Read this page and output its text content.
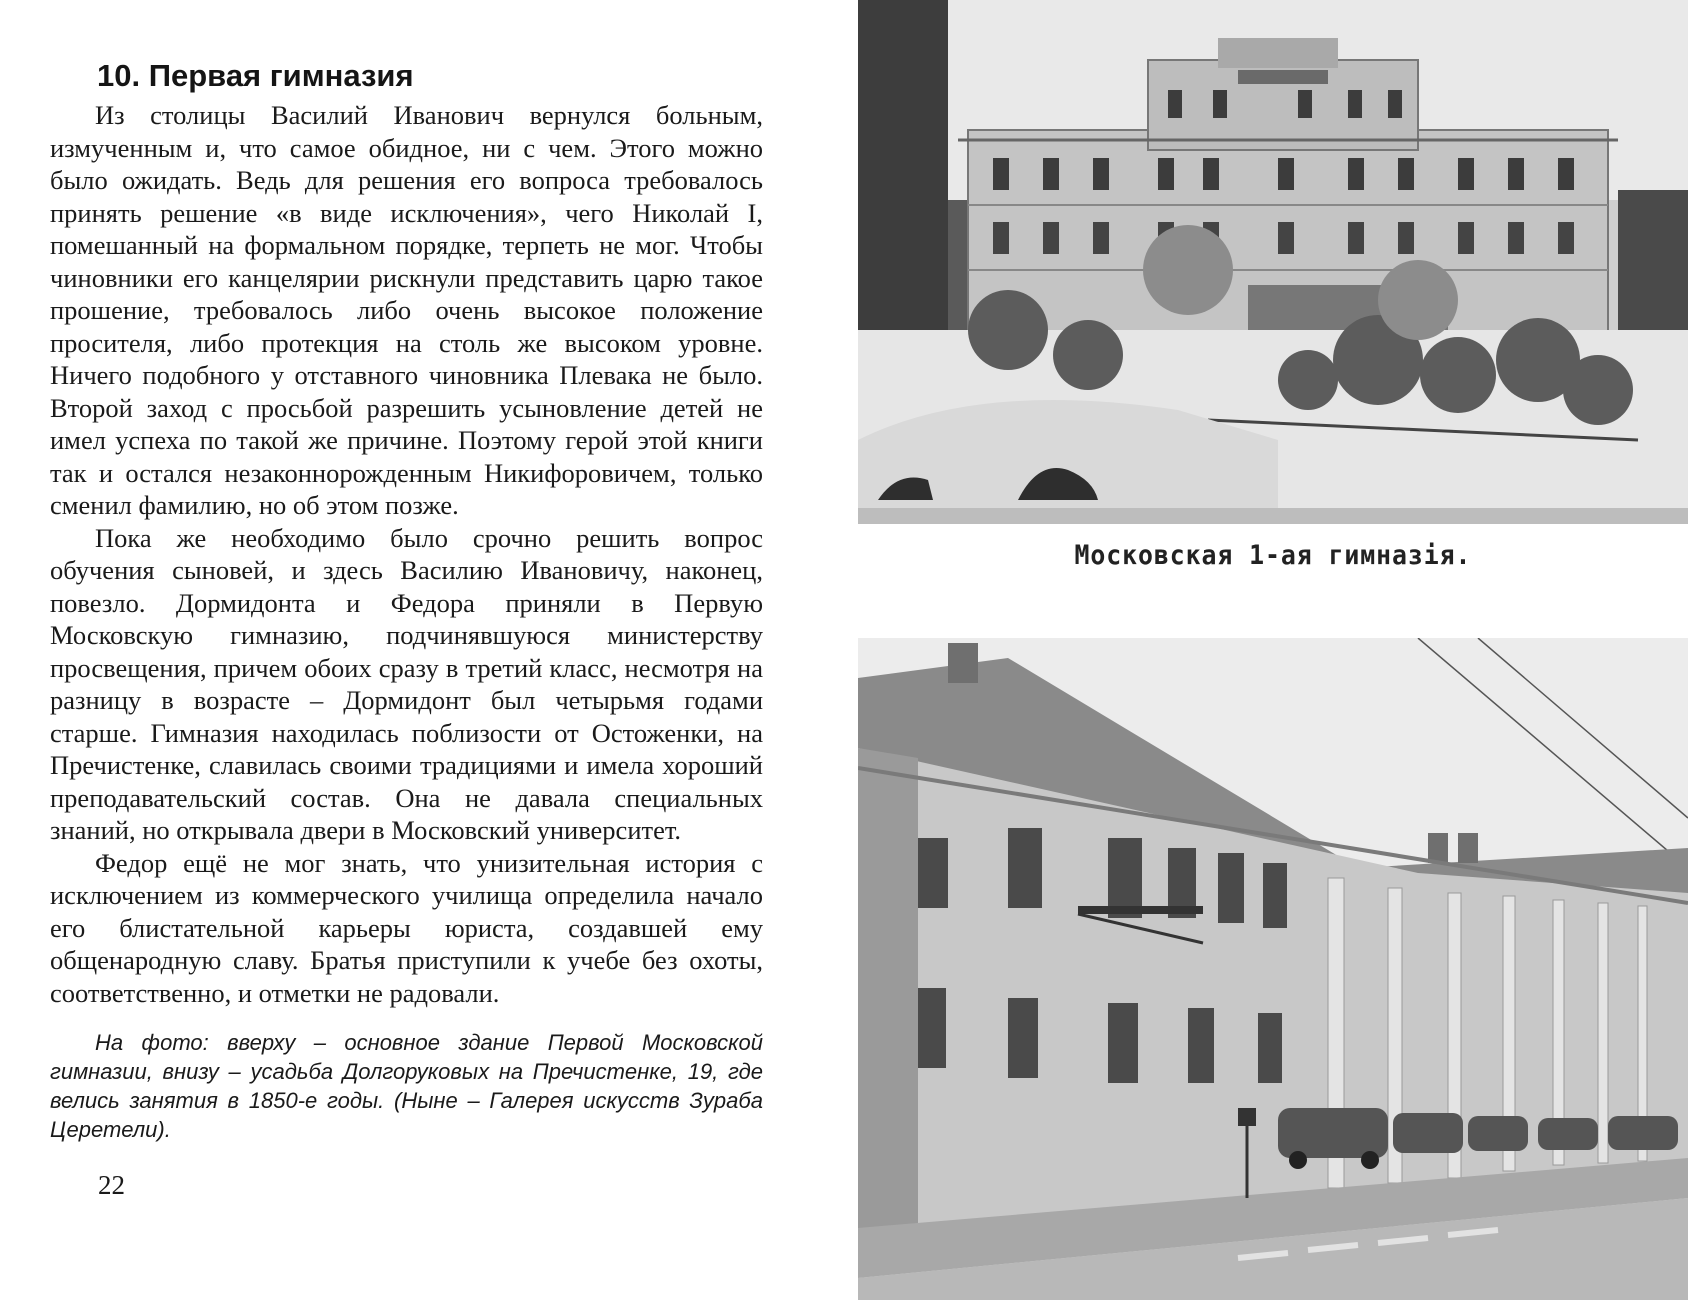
10. Первая гимназия

Из столицы Василий Иванович вернулся больным, измученным и, что самое обидное, ни с чем. Этого можно было ожидать. Ведь для решения его вопроса требовалось принять решение «в виде исключения», чего Николай I, помешанный на формальном порядке, терпеть не мог. Чтобы чиновники его канцелярии рискнули представить царю такое прошение, требовалось либо очень высокое положение просителя, либо протекция на столь же высоком уровне. Ничего подобного у отставного чиновника Плевака не было. Второй заход с просьбой разрешить усыновление детей не имел успеха по такой же причине. Поэтому герой этой книги так и остался незаконнорожденным Никифоровичем, только сменил фамилию, но об этом позже.

Пока же необходимо было срочно решить вопрос обучения сыновей, и здесь Василию Ивановичу, наконец, повезло. Дормидонта и Федора приняли в Первую Московскую гимназию, подчинявшуюся министерству просвещения, причем обоих сразу в третий класс, несмотря на разницу в возрасте – Дормидонт был четырьмя годами старше. Гимназия находилась поблизости от Остоженки, на Пречистенке, славилась своими традициями и имела хороший преподавательский состав. Она не давала специальных знаний, но открывала двери в Московский университет.

Федор ещё не мог знать, что унизительная история с исключением из коммерческого училища определила начало его блистательной карьеры юриста, создавшей ему общенародную славу. Братья приступили к учебе без охоты, соответственно, и отметки не радовали.

На фото: вверху – основное здание Первой Московской гимназии, внизу – усадьба Долгоруковых на Пречистенке, 19, где велись занятия в 1850-е годы. (Ныне – Галерея искусств Зураба Церетели).

22

Московская 1-ая гимназія.
